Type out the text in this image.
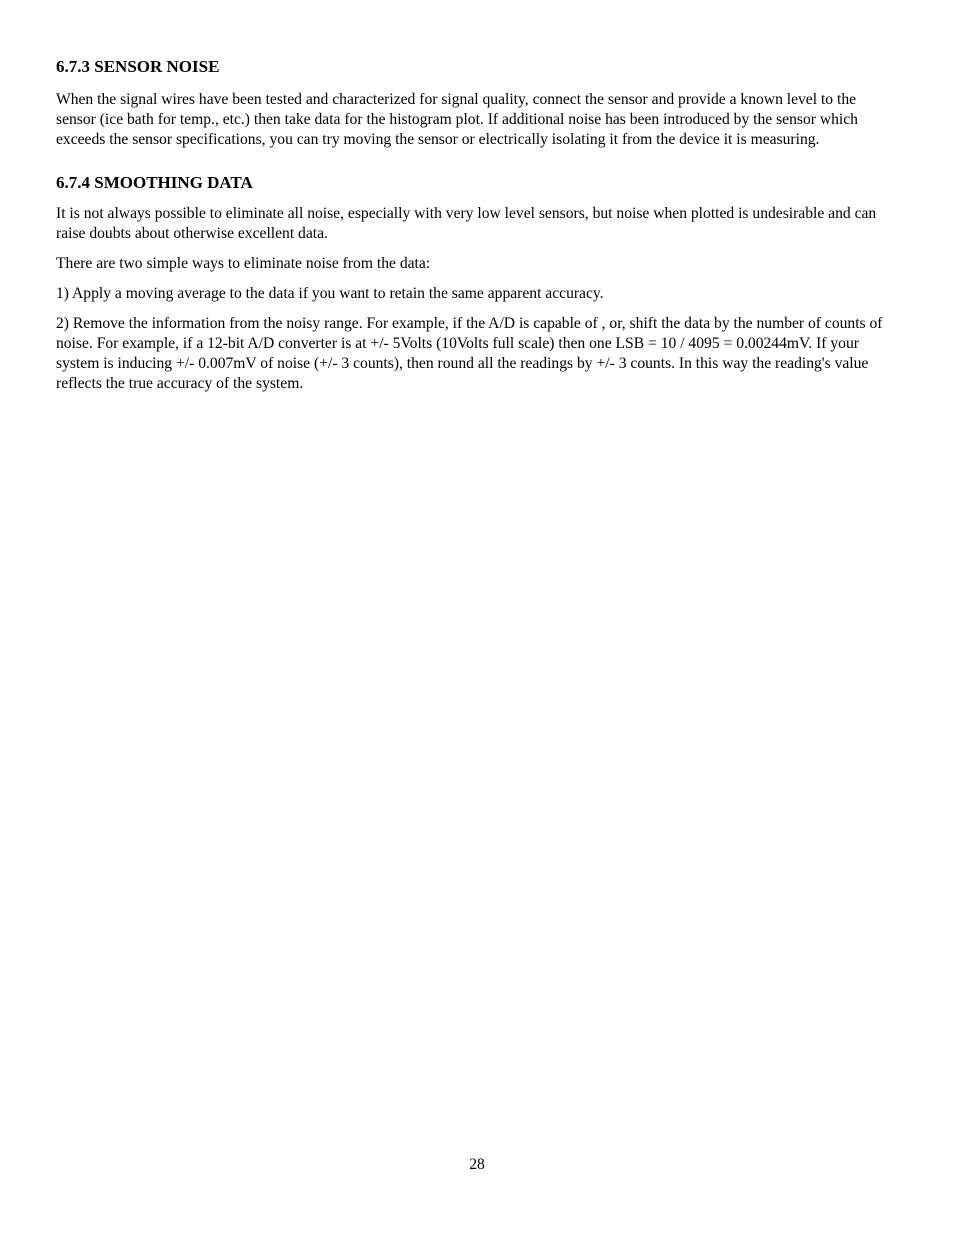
6.7.3 SENSOR NOISE

When the signal wires have been tested and characterized for signal quality, connect the sensor and provide a known level to the sensor (ice bath for temp., etc.) then take data for the histogram plot. If additional noise has been introduced by the sensor which exceeds the sensor specifications, you can try moving the sensor or electrically isolating it from the device it is measuring.

6.7.4 SMOOTHING DATA

It is not always possible to eliminate all noise, especially with very low level sensors, but noise when plotted is undesirable and can raise doubts about otherwise excellent data.

There are two simple ways to eliminate noise from the data:

1) Apply a moving average to the data if you want to retain the same apparent accuracy.

2) Remove the information from the noisy range. For example, if the A/D is capable of , or, shift the data by the number of counts of noise. For example, if a 12-bit A/D converter is at +/- 5Volts (10Volts full scale) then one LSB = 10 / 4095 = 0.00244mV. If your system is inducing +/- 0.007mV of noise (+/- 3 counts), then round all the readings by +/- 3 counts. In this way the reading's value reflects the true accuracy of the system.

28
